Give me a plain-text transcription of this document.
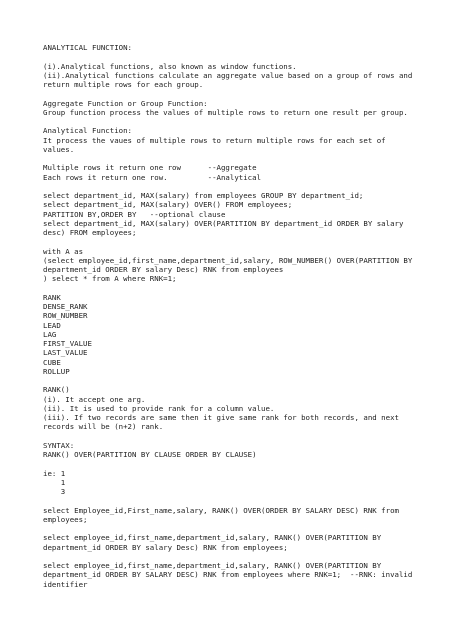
ANALYTICAL FUNCTION:
(i).Analytical functions, also known as window functions.
(ii).Analytical functions calculate an aggregate value based on a group of rows and
return multiple rows for each group.
Aggregate Function or Group Function:
Group function process the values of multiple rows to return one result per group.
Analytical Function:
It process the vaues of multiple rows to return multiple rows for each set of
values.
Multiple rows it return one row      --Aggregate
Each rows it return one row.         --Analytical
select department_id, MAX(salary) from employees GROUP BY department_id;
select department_id, MAX(salary) OVER() FROM employees;
PARTITION BY,ORDER BY   --optional clause
select department_id, MAX(salary) OVER(PARTITION BY department_id ORDER BY salary
desc) FROM employees;
with A as
(select employee_id,first_name,department_id,salary, ROW_NUMBER() OVER(PARTITION BY
department_id ORDER BY salary Desc) RNK from employees
) select * from A where RNK=1;
RANK
DENSE_RANK
ROW_NUMBER
LEAD
LAG
FIRST_VALUE
LAST_VALUE
CUBE
ROLLUP
RANK()
(i). It accept one arg.
(ii). It is used to provide rank for a column value.
(iii). If two records are same then it give same rank for both records, and next
records will be (n+2) rank.
SYNTAX:
RANK() OVER(PARTITION BY CLAUSE ORDER BY CLAUSE)
ie: 1
1
3
select Employee_id,First_name,salary, RANK() OVER(ORDER BY SALARY DESC) RNK from
employees;
select employee_id,first_name,department_id,salary, RANK() OVER(PARTITION BY
department_id ORDER BY salary Desc) RNK from employees;
select employee_id,first_name,department_id,salary, RANK() OVER(PARTITION BY
department_id ORDER BY SALARY DESC) RNK from employees where RNK=1;  --RNK: invalid
identifier
